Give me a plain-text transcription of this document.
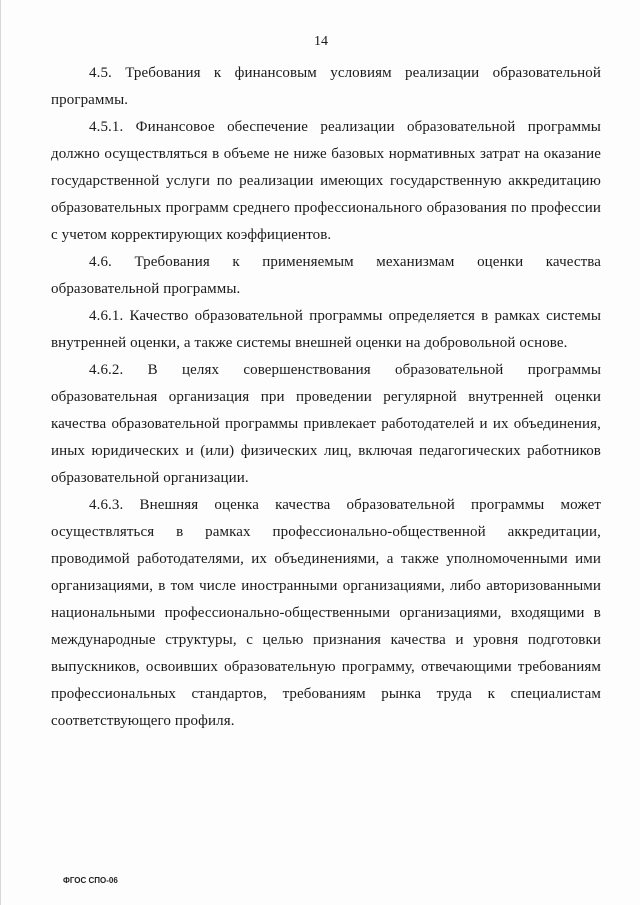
14

4.5. Требования к финансовым условиям реализации образовательной программы.

4.5.1. Финансовое обеспечение реализации образовательной программы должно осуществляться в объеме не ниже базовых нормативных затрат на оказание государственной услуги по реализации имеющих государственную аккредитацию образовательных программ среднего профессионального образования по профессии с учетом корректирующих коэффициентов.

4.6. Требования к применяемым механизмам оценки качества образовательной программы.

4.6.1. Качество образовательной программы определяется в рамках системы внутренней оценки, а также системы внешней оценки на добровольной основе.

4.6.2. В целях совершенствования образовательной программы образовательная организация при проведении регулярной внутренней оценки качества образовательной программы привлекает работодателей и их объединения, иных юридических и (или) физических лиц, включая педагогических работников образовательной организации.

4.6.3. Внешняя оценка качества образовательной программы может осуществляться в рамках профессионально-общественной аккредитации, проводимой работодателями, их объединениями, а также уполномоченными ими организациями, в том числе иностранными организациями, либо авторизованными национальными профессионально-общественными организациями, входящими в международные структуры, с целью признания качества и уровня подготовки выпускников, освоивших образовательную программу, отвечающими требованиям профессиональных стандартов, требованиям рынка труда к специалистам соответствующего профиля.

ФГОС СПО-06
